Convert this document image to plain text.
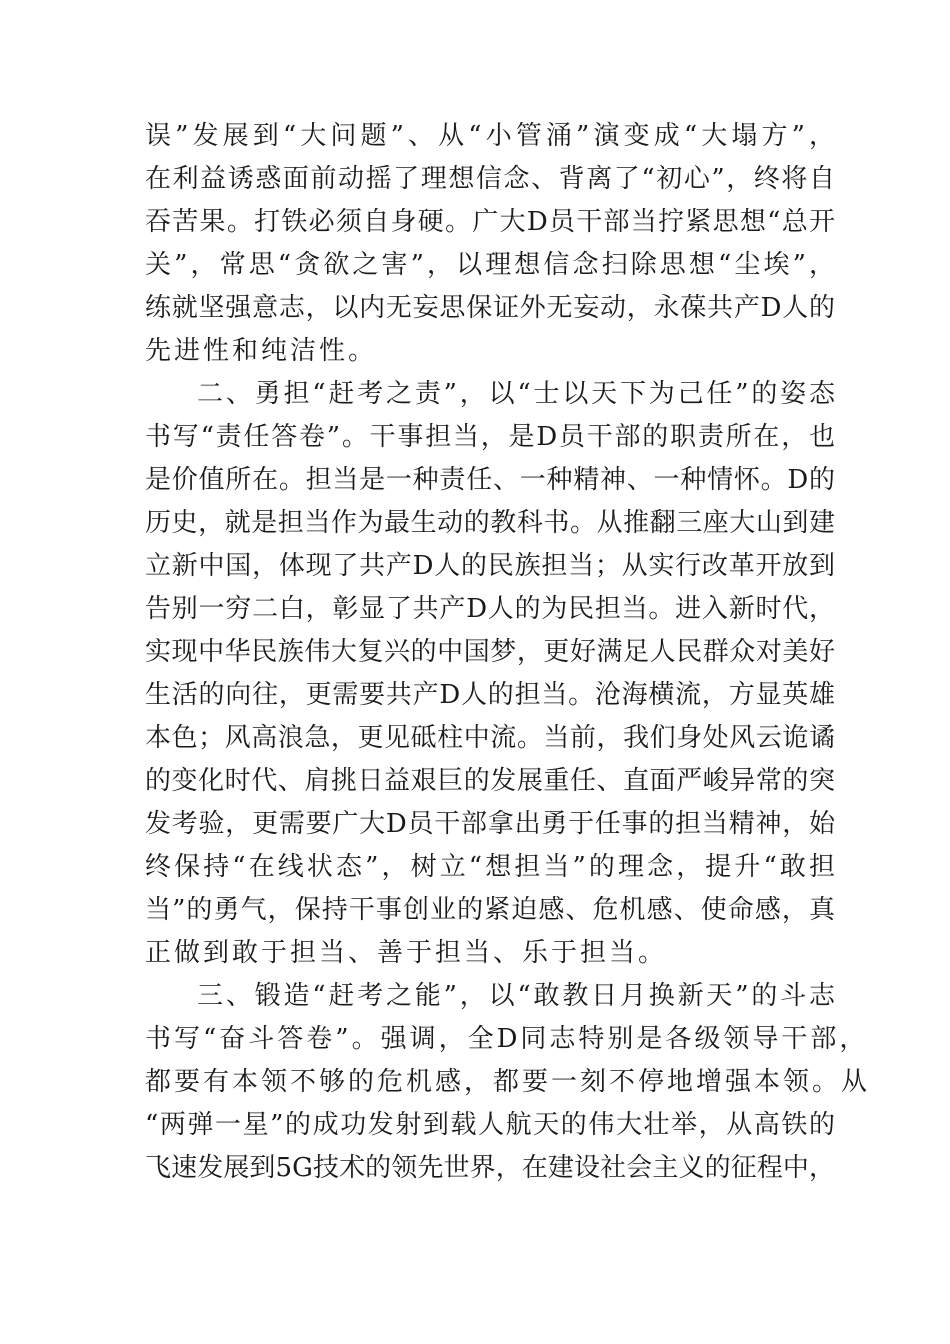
误”发展到“大问题”、从“小管涌”演变成“大塌方”，
在利益诱惑面前动摇了理想信念、背离了“初心”，终将自
吞苦果。打铁必须自身硬。广大D员干部当拧紧思想“总开
关”，常思“贪欲之害”，以理想信念扫除思想“尘埃”，
练就坚强意志，以内无妄思保证外无妄动，永葆共产D人的
先进性和纯洁性。
二、勇担“赶考之责”，以“士以天下为己任”的姿态
书写“责任答卷”。干事担当，是D员干部的职责所在，也
是价值所在。担当是一种责任、一种精神、一种情怀。D的
历史，就是担当作为最生动的教科书。从推翻三座大山到建
立新中国，体现了共产D人的民族担当；从实行改革开放到
告别一穷二白，彰显了共产D人的为民担当。进入新时代，
实现中华民族伟大复兴的中国梦，更好满足人民群众对美好
生活的向往，更需要共产D人的担当。沧海横流，方显英雄
本色；风高浪急，更见砥柱中流。当前，我们身处风云诡谲
的变化时代、肩挑日益艰巨的发展重任、直面严峻异常的突
发考验，更需要广大D员干部拿出勇于任事的担当精神，始
终保持“在线状态”，树立“想担当”的理念，提升“敢担
当”的勇气，保持干事创业的紧迫感、危机感、使命感，真
正做到敢于担当、善于担当、乐于担当。
三、锻造“赶考之能”，以“敢教日月换新天”的斗志
书写“奋斗答卷”。强调，全D同志特别是各级领导干部，
都要有本领不够的危机感，都要一刻不停地增强本领。从
“两弹一星”的成功发射到载人航天的伟大壮举，从高铁的
飞速发展到5G技术的领先世界，在建设社会主义的征程中，
